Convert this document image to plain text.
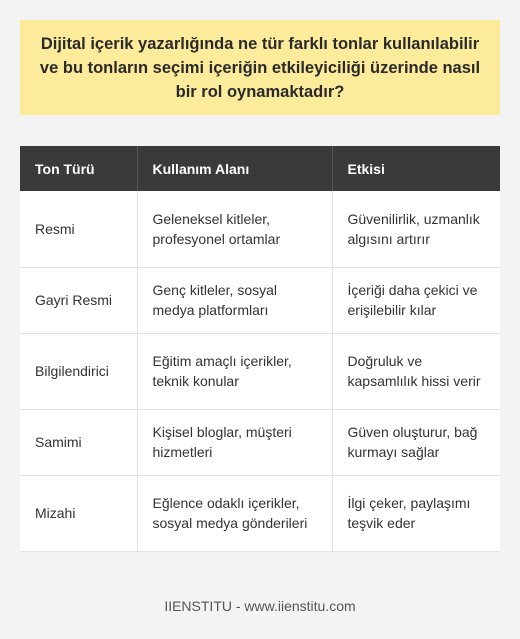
Dijital içerik yazarlığında ne tür farklı tonlar kullanılabilir ve bu tonların seçimi içeriğin etkileyiciliği üzerinde nasıl bir rol oynamaktadır?
Ton Türü	Kullanım Alanı	Etkisi
Resmi	Geleneksel kitleler, profesyonel ortamlar	Güvenilirlik, uzmanlık algısını artırır
Gayri Resmi	Genç kitleler, sosyal medya platformları	İçeriği daha çekici ve erişilebilir kılar
Bilgilendirici	Eğitim amaçlı içerikler, teknik konular	Doğruluk ve kapsamlılık hissi verir
Samimi	Kişisel bloglar, müşteri hizmetleri	Güven oluşturur, bağ kurmayı sağlar
Mizahi	Eğlence odaklı içerikler, sosyal medya gönderileri	İlgi çeker, paylaşımı teşvik eder
IIENSTITU - www.iienstitu.com
